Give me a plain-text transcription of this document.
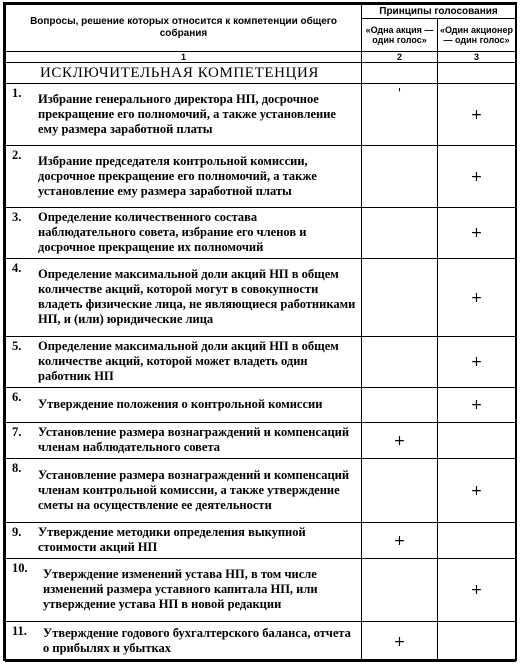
Вопросы, решение которых относится к компетенции общего собрания	Принципы голосования	
	«Одна акция — один голос»	«Один акционер — один голос»
1	2	3
ИСКЛЮЧИТЕЛЬНАЯ КОМПЕТЕНЦИЯ		

1. Избрание генерального директора НП, досрочное прекращение его полномочий, а также установление ему размера заработной платы	'	+

2. Избрание председателя контрольной комиссии, досрочное прекращение его полномочий, а также установление ему размера заработной платы		+

3. Определение количественного состава наблюдательного совета, избрание его членов и досрочное прекращение их полномочий		+

4. Определение максимальной доли акций НП в общем количестве акций, которой могут в совокупности владеть физические лица, не являющиеся работниками НП, и (или) юридические лица		+

5. Определение максимальной доли акций НП в общем количестве акций, которой может владеть один работник НП		+

6. Утверждение положения о контрольной комиссии		+

7. Установление размера вознаграждений и компенсаций членам наблюдательного совета	+	

8. Установление размера вознаграждений и компенсаций членам контрольной комиссии, а также утверждение сметы на осуществление ее деятельности		+

9. Утверждение методики определения выкупной стоимости акций НП	+	

10. Утверждение изменений устава НП, в том числе изменений размера уставного капитала НП, или утверждение устава НП в новой редакции		+

11. Утверждение годового бухгалтерского баланса, отчета о прибылях и убытках	+	
